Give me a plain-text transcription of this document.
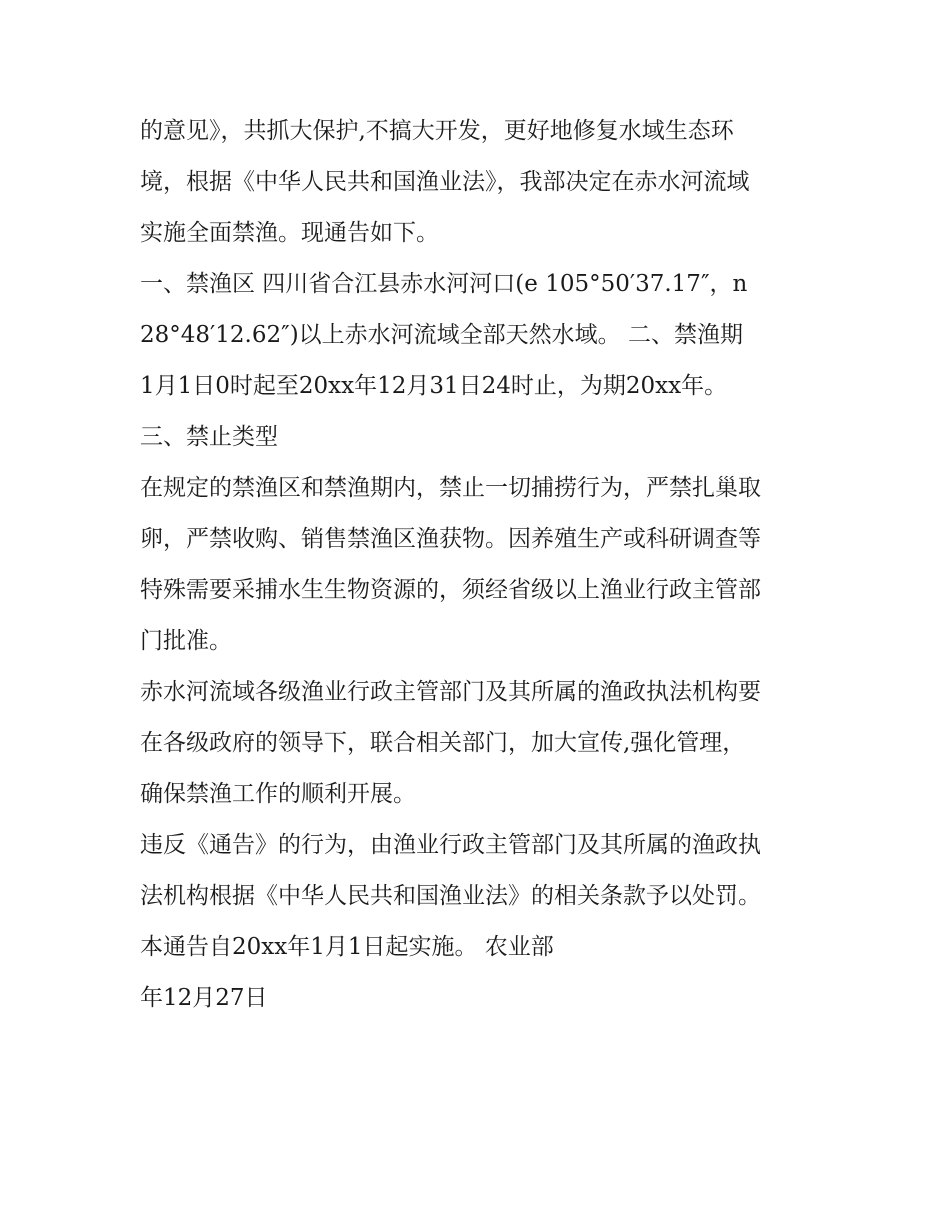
的意见》，共抓大保护,不搞大开发，更好地修复水域生态环
境，根据《中华人民共和国渔业法》，我部决定在赤水河流域
实施全面禁渔。现通告如下。
一、禁渔区 四川省合江县赤水河河口(e 105°50′37.17″，n
28°48′12.62″)以上赤水河流域全部天然水域。 二、禁渔期
1月1日0时起至20xx年12月31日24时止，为期20xx年。
三、禁止类型
在规定的禁渔区和禁渔期内，禁止一切捕捞行为，严禁扎巢取
卵，严禁收购、销售禁渔区渔获物。因养殖生产或科研调查等
特殊需要采捕水生生物资源的，须经省级以上渔业行政主管部
门批准。
赤水河流域各级渔业行政主管部门及其所属的渔政执法机构要
在各级政府的领导下，联合相关部门，加大宣传,强化管理，
确保禁渔工作的顺利开展。
违反《通告》的行为，由渔业行政主管部门及其所属的渔政执
法机构根据《中华人民共和国渔业法》的相关条款予以处罚。
本通告自20xx年1月1日起实施。 农业部
年12月27日
